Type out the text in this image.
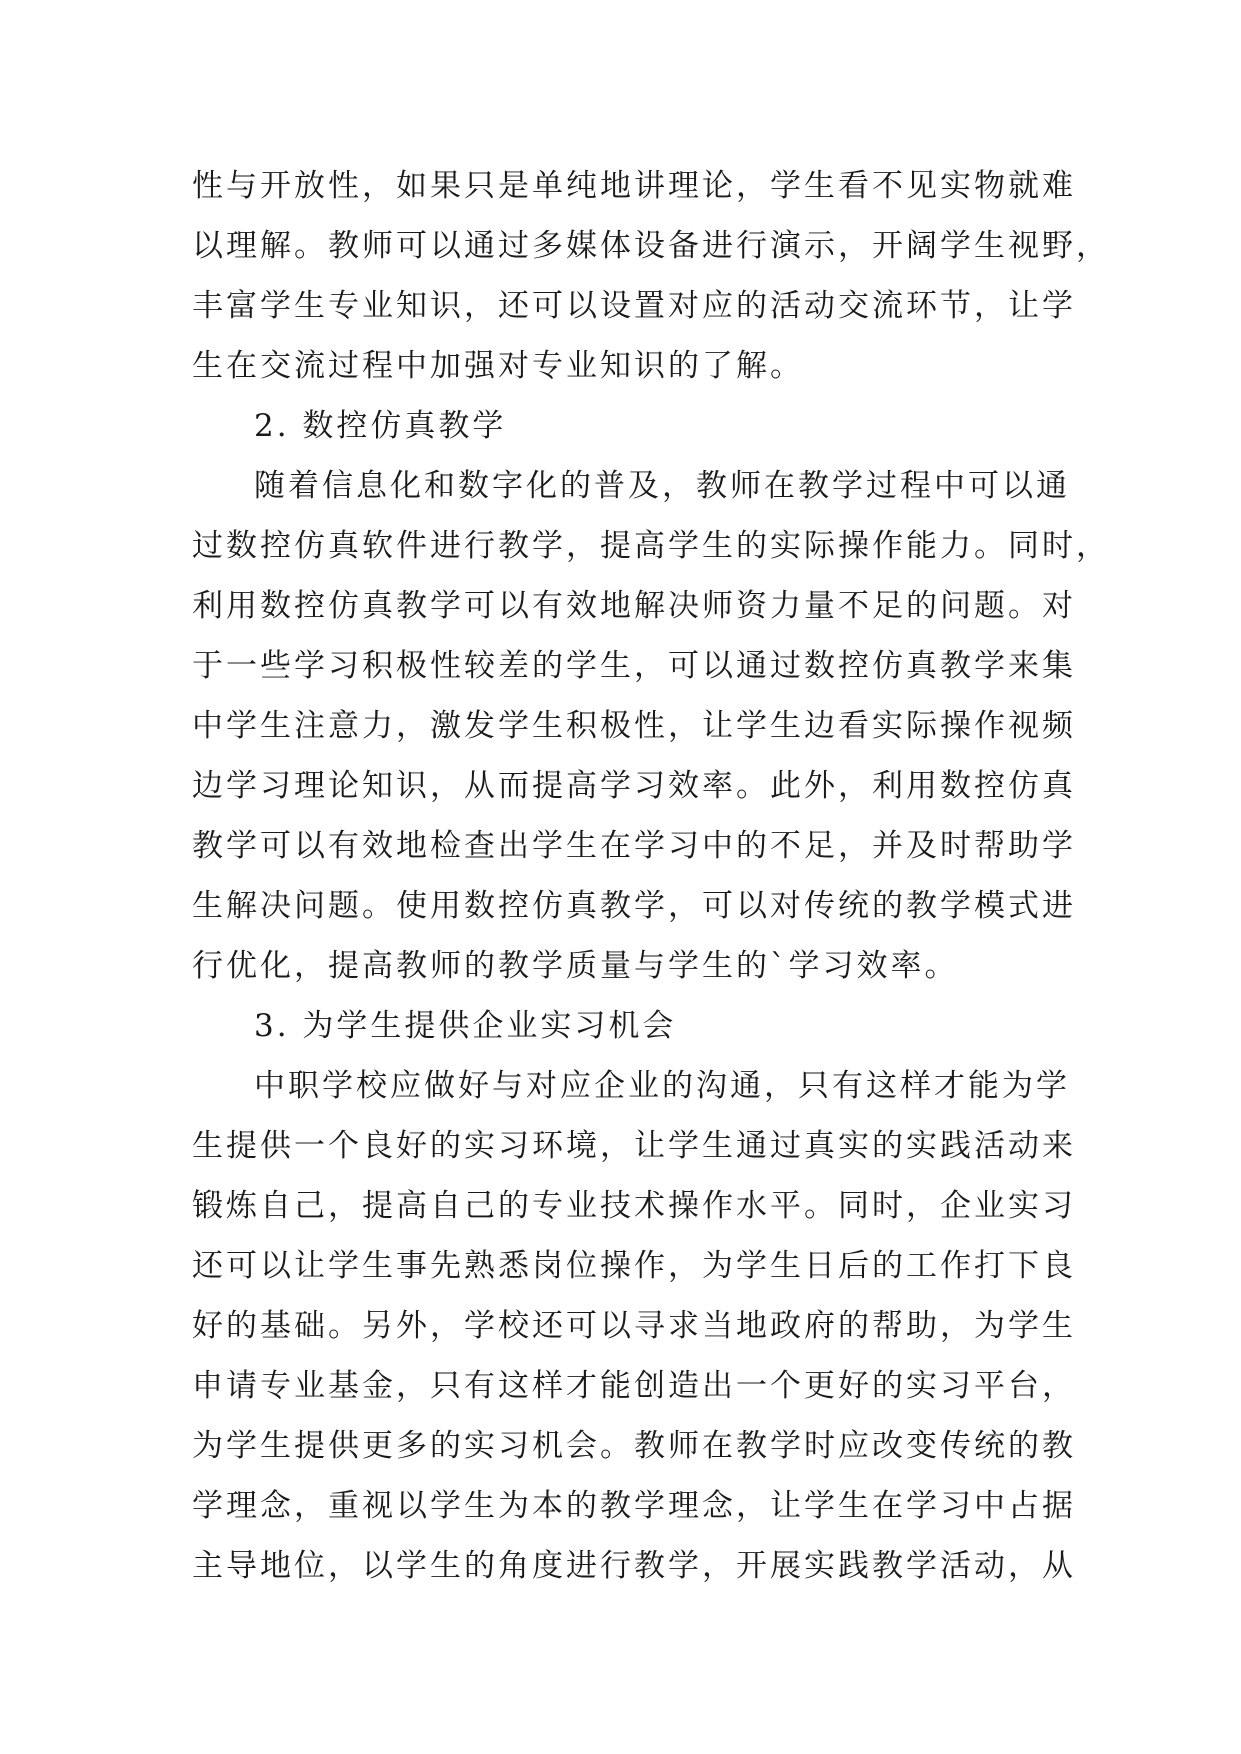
性与开放性，如果只是单纯地讲理论，学生看不见实物就难
以理解。教师可以通过多媒体设备进行演示，开阔学生视野，
丰富学生专业知识，还可以设置对应的活动交流环节，让学
生在交流过程中加强对专业知识的了解。
2. 数控仿真教学
随着信息化和数字化的普及，教师在教学过程中可以通
过数控仿真软件进行教学，提高学生的实际操作能力。同时，
利用数控仿真教学可以有效地解决师资力量不足的问题。对
于一些学习积极性较差的学生，可以通过数控仿真教学来集
中学生注意力，激发学生积极性，让学生边看实际操作视频
边学习理论知识，从而提高学习效率。此外，利用数控仿真
教学可以有效地检查出学生在学习中的不足，并及时帮助学
生解决问题。使用数控仿真教学，可以对传统的教学模式进
行优化，提高教师的教学质量与学生的`学习效率。
3. 为学生提供企业实习机会
中职学校应做好与对应企业的沟通，只有这样才能为学
生提供一个良好的实习环境，让学生通过真实的实践活动来
锻炼自己，提高自己的专业技术操作水平。同时，企业实习
还可以让学生事先熟悉岗位操作，为学生日后的工作打下良
好的基础。另外，学校还可以寻求当地政府的帮助，为学生
申请专业基金，只有这样才能创造出一个更好的实习平台，
为学生提供更多的实习机会。教师在教学时应改变传统的教
学理念，重视以学生为本的教学理念，让学生在学习中占据
主导地位，以学生的角度进行教学，开展实践教学活动，从
